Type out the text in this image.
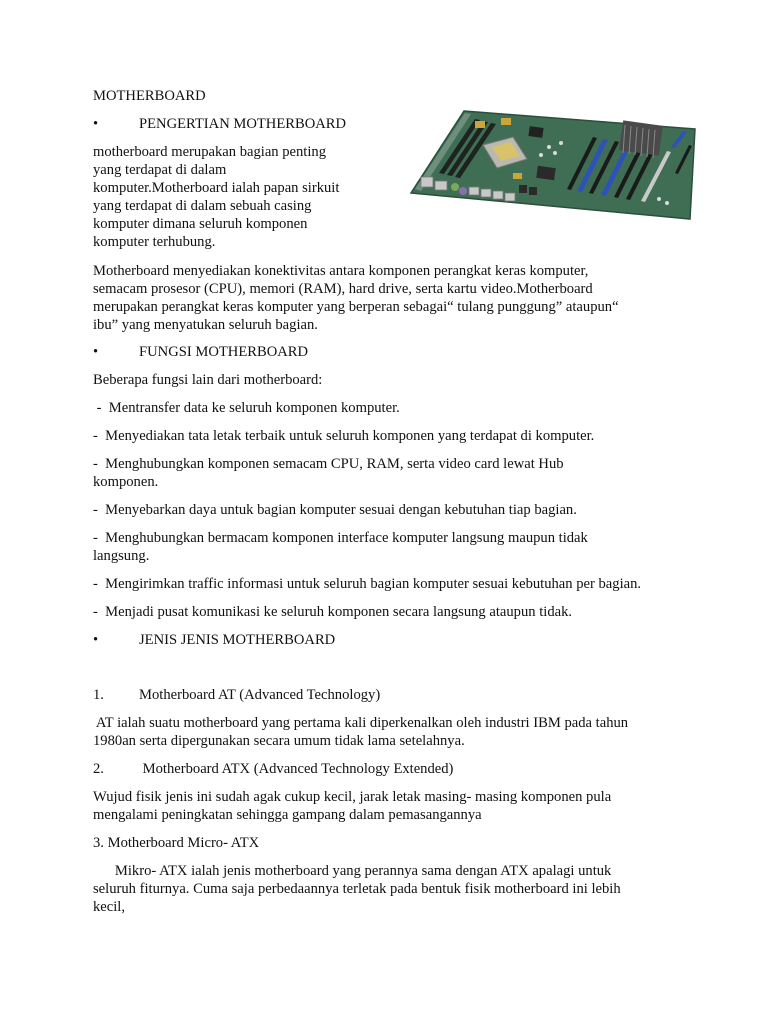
MOTHERBOARD
•	PENGERTIAN MOTHERBOARD
motherboard merupakan bagian penting
yang terdapat di dalam
komputer.Motherboard ialah papan sirkuit
yang terdapat di dalam sebuah casing
komputer dimana seluruh komponen
komputer terhubung.
Motherboard menyediakan konektivitas antara komponen perangkat keras komputer,
semacam prosesor (CPU), memori (RAM), hard drive, serta kartu video.Motherboard
merupakan perangkat keras komputer yang berperan sebagai“ tulang punggung” ataupun“
ibu” yang menyatukan seluruh bagian.
•	FUNGSI MOTHERBOARD
Beberapa fungsi lain dari motherboard:
-  Mentransfer data ke seluruh komponen komputer.
-  Menyediakan tata letak terbaik untuk seluruh komponen yang terdapat di komputer.
-  Menghubungkan komponen semacam CPU, RAM, serta video card lewat Hub
komponen.
-  Menyebarkan daya untuk bagian komputer sesuai dengan kebutuhan tiap bagian.
-  Menghubungkan bermacam komponen interface komputer langsung maupun tidak
langsung.
-  Mengirimkan traffic informasi untuk seluruh bagian komputer sesuai kebutuhan per bagian.
-  Menjadi pusat komunikasi ke seluruh komponen secara langsung ataupun tidak.
•	JENIS JENIS MOTHERBOARD
1. Motherboard AT (Advanced Technology)
AT ialah suatu motherboard yang pertama kali diperkenalkan oleh industri IBM pada tahun
1980an serta dipergunakan secara umum tidak lama setelahnya.
2. Motherboard ATX (Advanced Technology Extended)
Wujud fisik jenis ini sudah agak cukup kecil, jarak letak masing- masing komponen pula
mengalami peningkatan sehingga gampang dalam pemasangannya
3. Motherboard Micro- ATX
Mikro- ATX ialah jenis motherboard yang perannya sama dengan ATX apalagi untuk
seluruh fiturnya. Cuma saja perbedaannya terletak pada bentuk fisik motherboard ini lebih
kecil,
